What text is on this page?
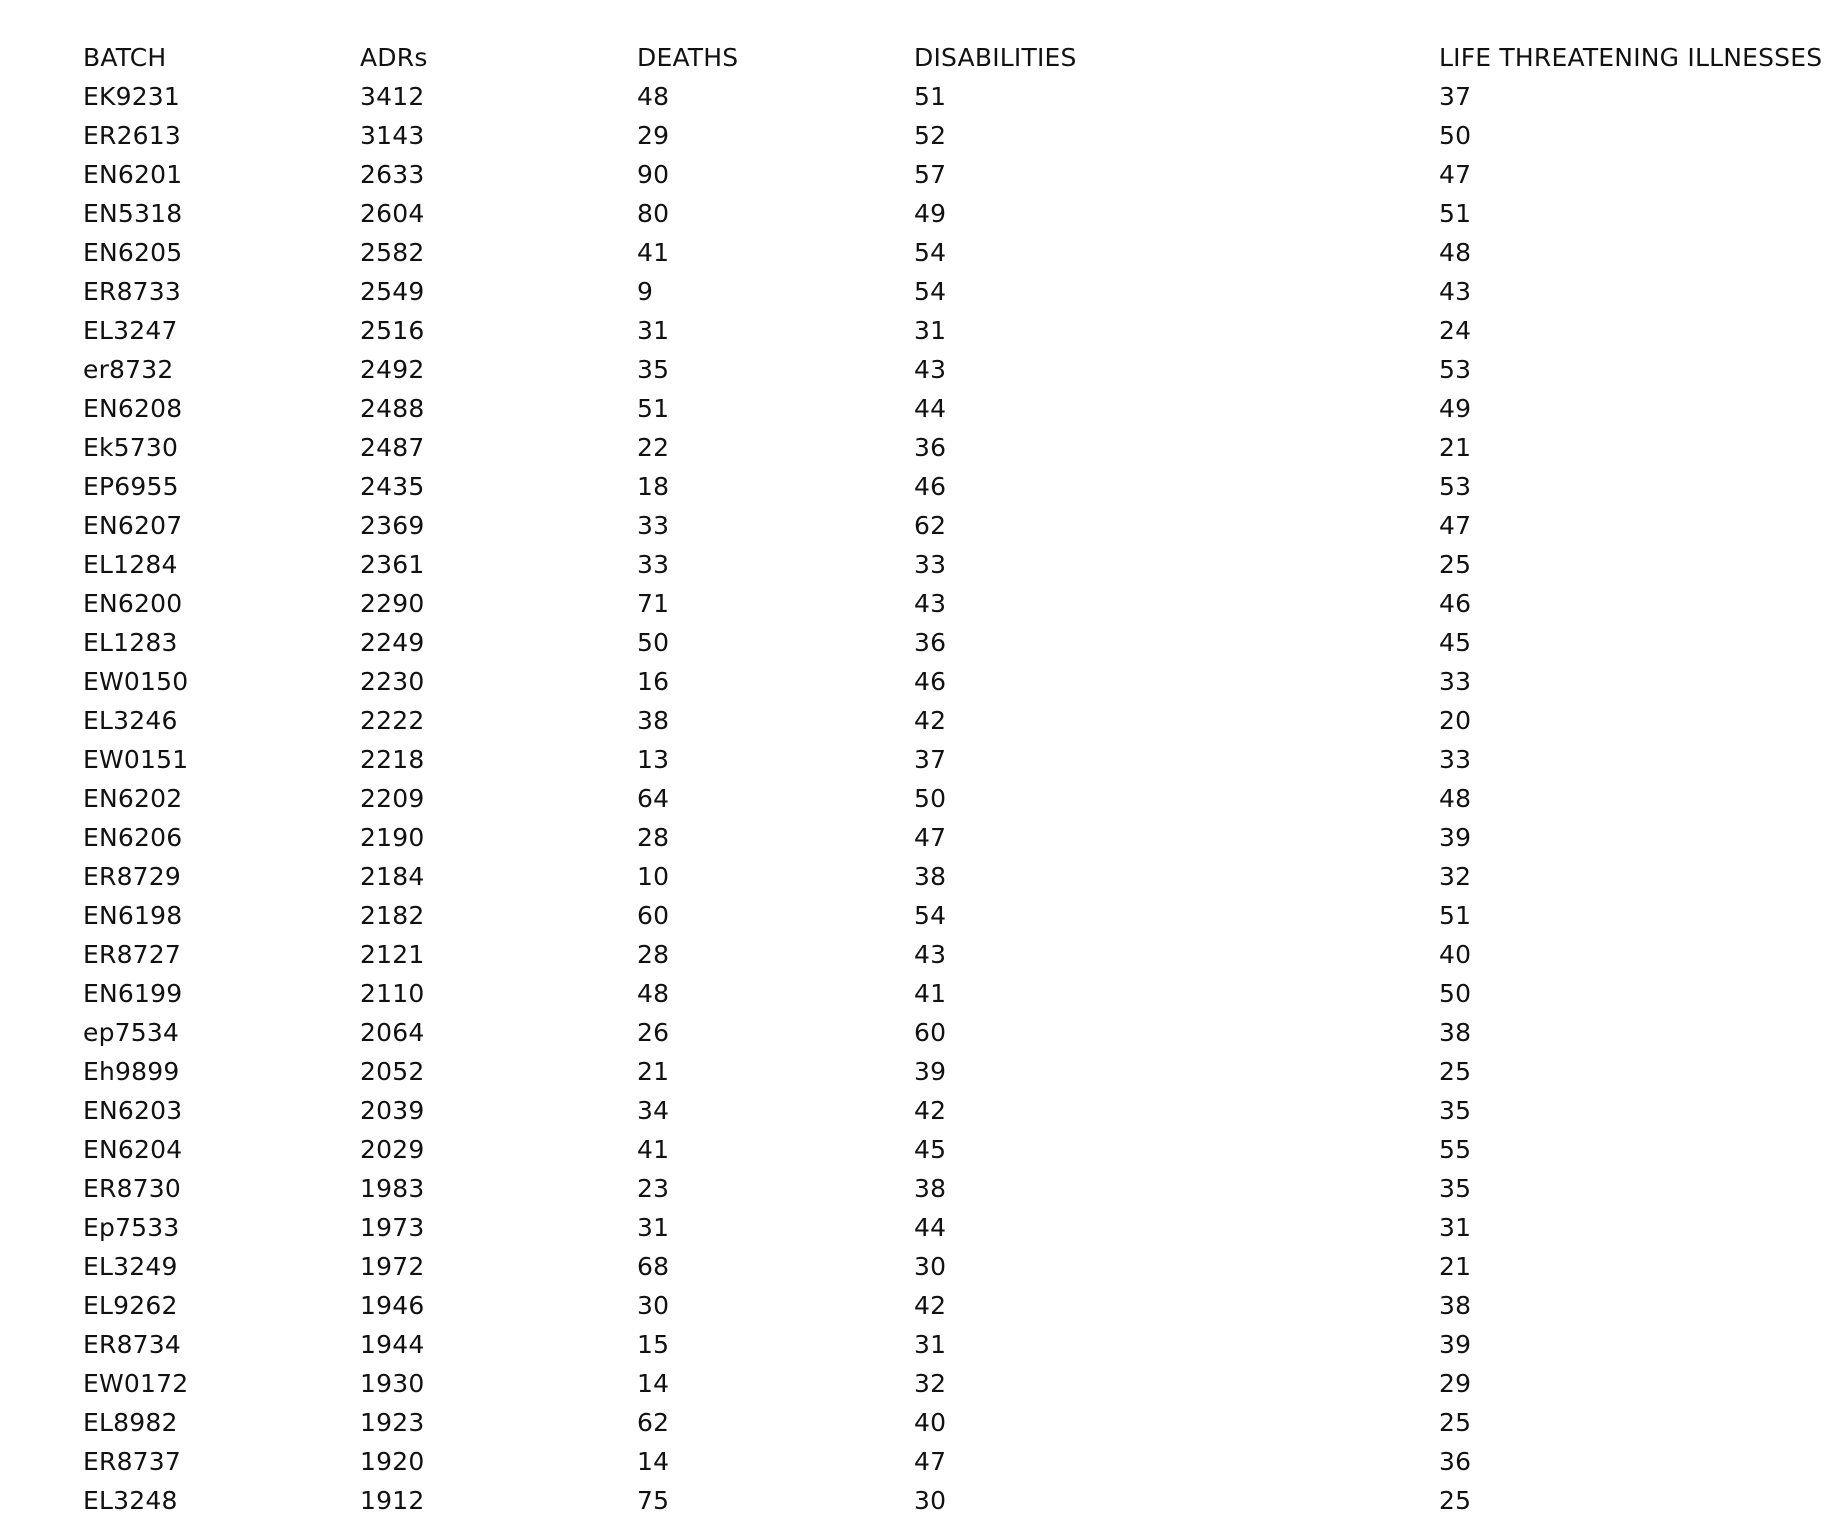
BATCH	ADRs	DEATHS	DISABILITIES	LIFE THREATENING ILLNESSES
EK9231	3412	48	51	37
ER2613	3143	29	52	50
EN6201	2633	90	57	47
EN5318	2604	80	49	51
EN6205	2582	41	54	48
ER8733	2549	9	54	43
EL3247	2516	31	31	24
er8732	2492	35	43	53
EN6208	2488	51	44	49
Ek5730	2487	22	36	21
EP6955	2435	18	46	53
EN6207	2369	33	62	47
EL1284	2361	33	33	25
EN6200	2290	71	43	46
EL1283	2249	50	36	45
EW0150	2230	16	46	33
EL3246	2222	38	42	20
EW0151	2218	13	37	33
EN6202	2209	64	50	48
EN6206	2190	28	47	39
ER8729	2184	10	38	32
EN6198	2182	60	54	51
ER8727	2121	28	43	40
EN6199	2110	48	41	50
ep7534	2064	26	60	38
Eh9899	2052	21	39	25
EN6203	2039	34	42	35
EN6204	2029	41	45	55
ER8730	1983	23	38	35
Ep7533	1973	31	44	31
EL3249	1972	68	30	21
EL9262	1946	30	42	38
ER8734	1944	15	31	39
EW0172	1930	14	32	29
EL8982	1923	62	40	25
ER8737	1920	14	47	36
EL3248	1912	75	30	25
